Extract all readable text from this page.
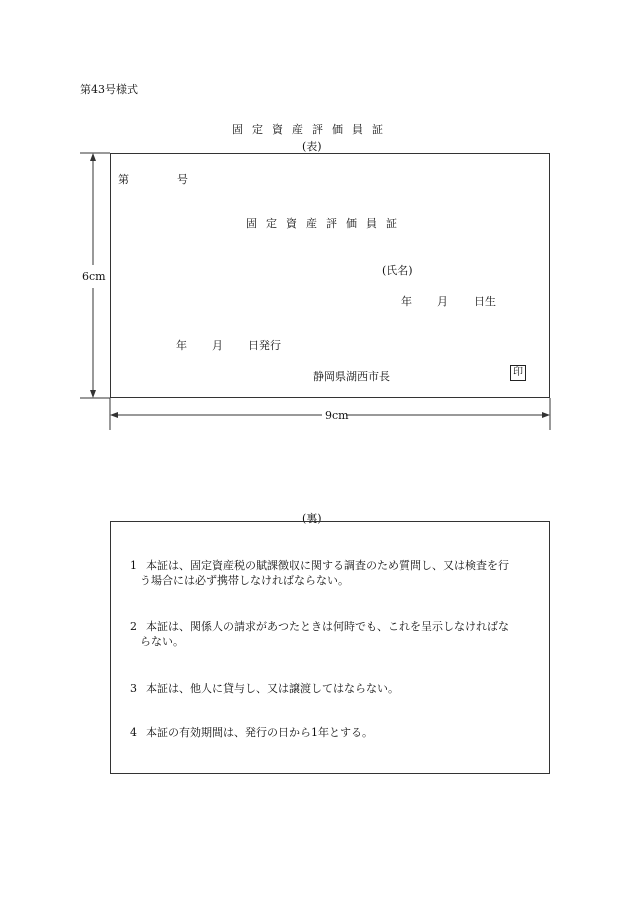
第43号様式
固定資産評価員証
(表)
6cm
9cm
第	号
固定資産評価員証
(氏名)
年 月 日生
年 月 日発行
静岡県湖西市長	印
(裏)
1 本証は、固定資産税の賦課徴収に関する調査のため質問し、又は検査を行
う場合には必ず携帯しなければならない。
2 本証は、関係人の請求があつたときは何時でも、これを呈示しなければな
らない。
3 本証は、他人に貸与し、又は譲渡してはならない。
4 本証の有効期間は、発行の日から1年とする。
